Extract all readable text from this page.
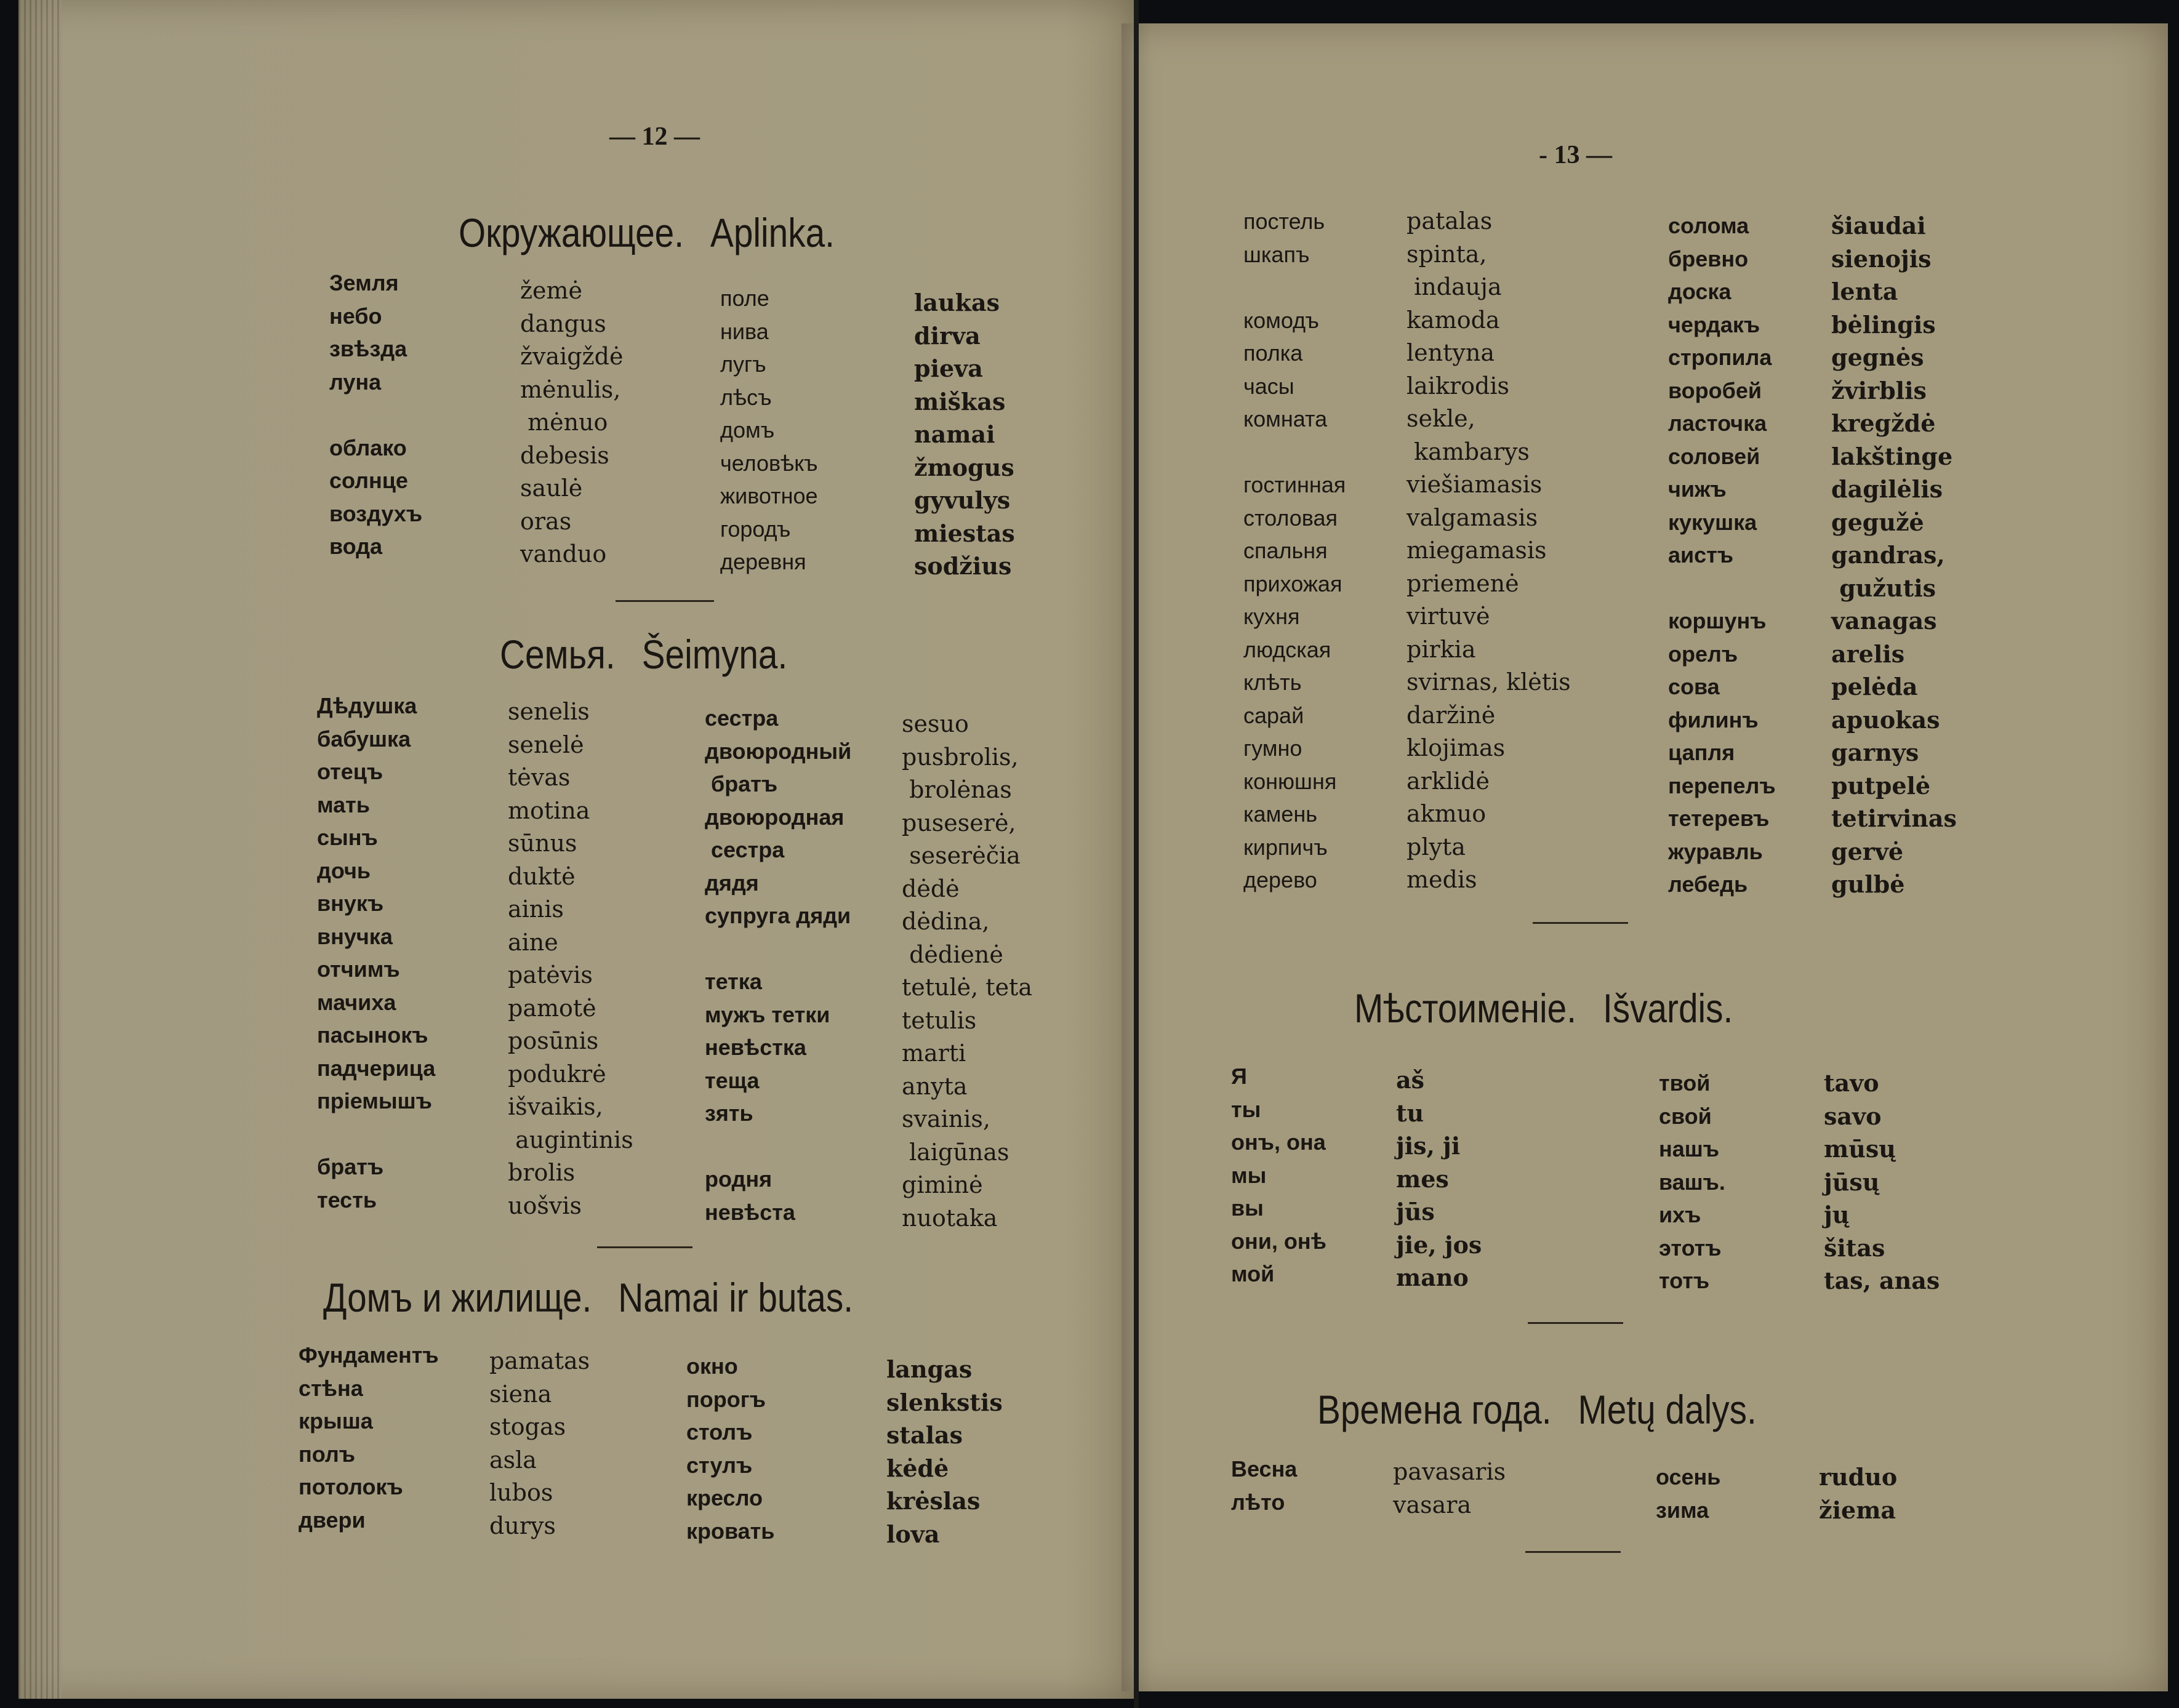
— 12 —
Окружающее. Aplinka.
Земля
небо
звѣзда
луна
облако
солнце
воздухъ
вода
žemė
dangus
žvaigždė
mėnulis,
mėnuo
debesis
saulė
oras
vanduo
поле
нива
лугъ
лѣсъ
домъ
человѣкъ
животное
городъ
деревня
laukas
dirva
pieva
miškas
namai
žmogus
gyvulys
miestas
sodžius
Семья. Šeimyna.
Дѣдушка
бабушка
отецъ
мать
сынъ
дочь
внукъ
внучка
отчимъ
мачиха
пасынокъ
падчерица
пріемышъ
братъ
тесть
senelis
senelė
tėvas
motina
sūnus
duktė
ainis
aine
patėvis
pamotė
posūnis
podukrė
išvaikis,
augintinis
brolis
uošvis
сестра
двоюродный
братъ
двоюродная
сестра
дядя
супруга дяди
тетка
мужъ тетки
невѣстка
теща
зять
родня
невѣста
sesuo
pusbrolis,
brolėnas
puseserė,
seserėčia
dėdė
dėdina,
dėdienė
tetulė, teta
tetulis
marti
anyta
svainis,
laigūnas
giminė
nuotaka
Домъ и жилище. Namai ir butas.
Фундаментъ
стѣна
крыша
полъ
потолокъ
двери
pamatas
siena
stogas
asla
lubos
durys
окно
порогъ
столъ
стулъ
кресло
кровать
langas
slenkstis
stalas
kėdė
krėslas
lova
- 13 —
постель
шкапъ
комодъ
полка
часы
комната
гостинная
столовая
спальня
прихожая
кухня
людская
клѣть
сарай
гумно
конюшня
камень
кирпичъ
дерево
patalas
spinta,
indauja
kamoda
lentyna
laikrodis
sekle,
kambarys
viešiamasis
valgamasis
miegamasis
priemenė
virtuvė
pirkia
svirnas, klėtis
daržinė
klojimas
arklidė
akmuo
plyta
medis
солома
бревно
доска
чердакъ
стропила
воробей
ласточка
соловей
чижъ
кукушка
аистъ
коршунъ
орелъ
сова
филинъ
цапля
перепелъ
тетеревъ
журавль
лебедь
šiaudai
sienojis
lenta
bėlingis
gegnės
žvirblis
kregždė
lakštinge
dagilėlis
gegužė
gandras,
gužutis
vanagas
arelis
pelėda
apuokas
garnys
putpelė
tetirvinas
gervė
gulbė
Мѣстоименіе. Išvardis.
Я
ты
онъ, она
мы
вы
они, онѣ
мой
aš
tu
jis, ji
mes
jūs
jie, jos
mano
твой
свой
нашъ
вашъ.
ихъ
этотъ
тотъ
tavo
savo
mūsų
jūsų
jų
šitas
tas, anas
Времена года. Metų dalys.
Весна
лѣто
pavasaris
vasara
осень
зима
ruduo
žiema
